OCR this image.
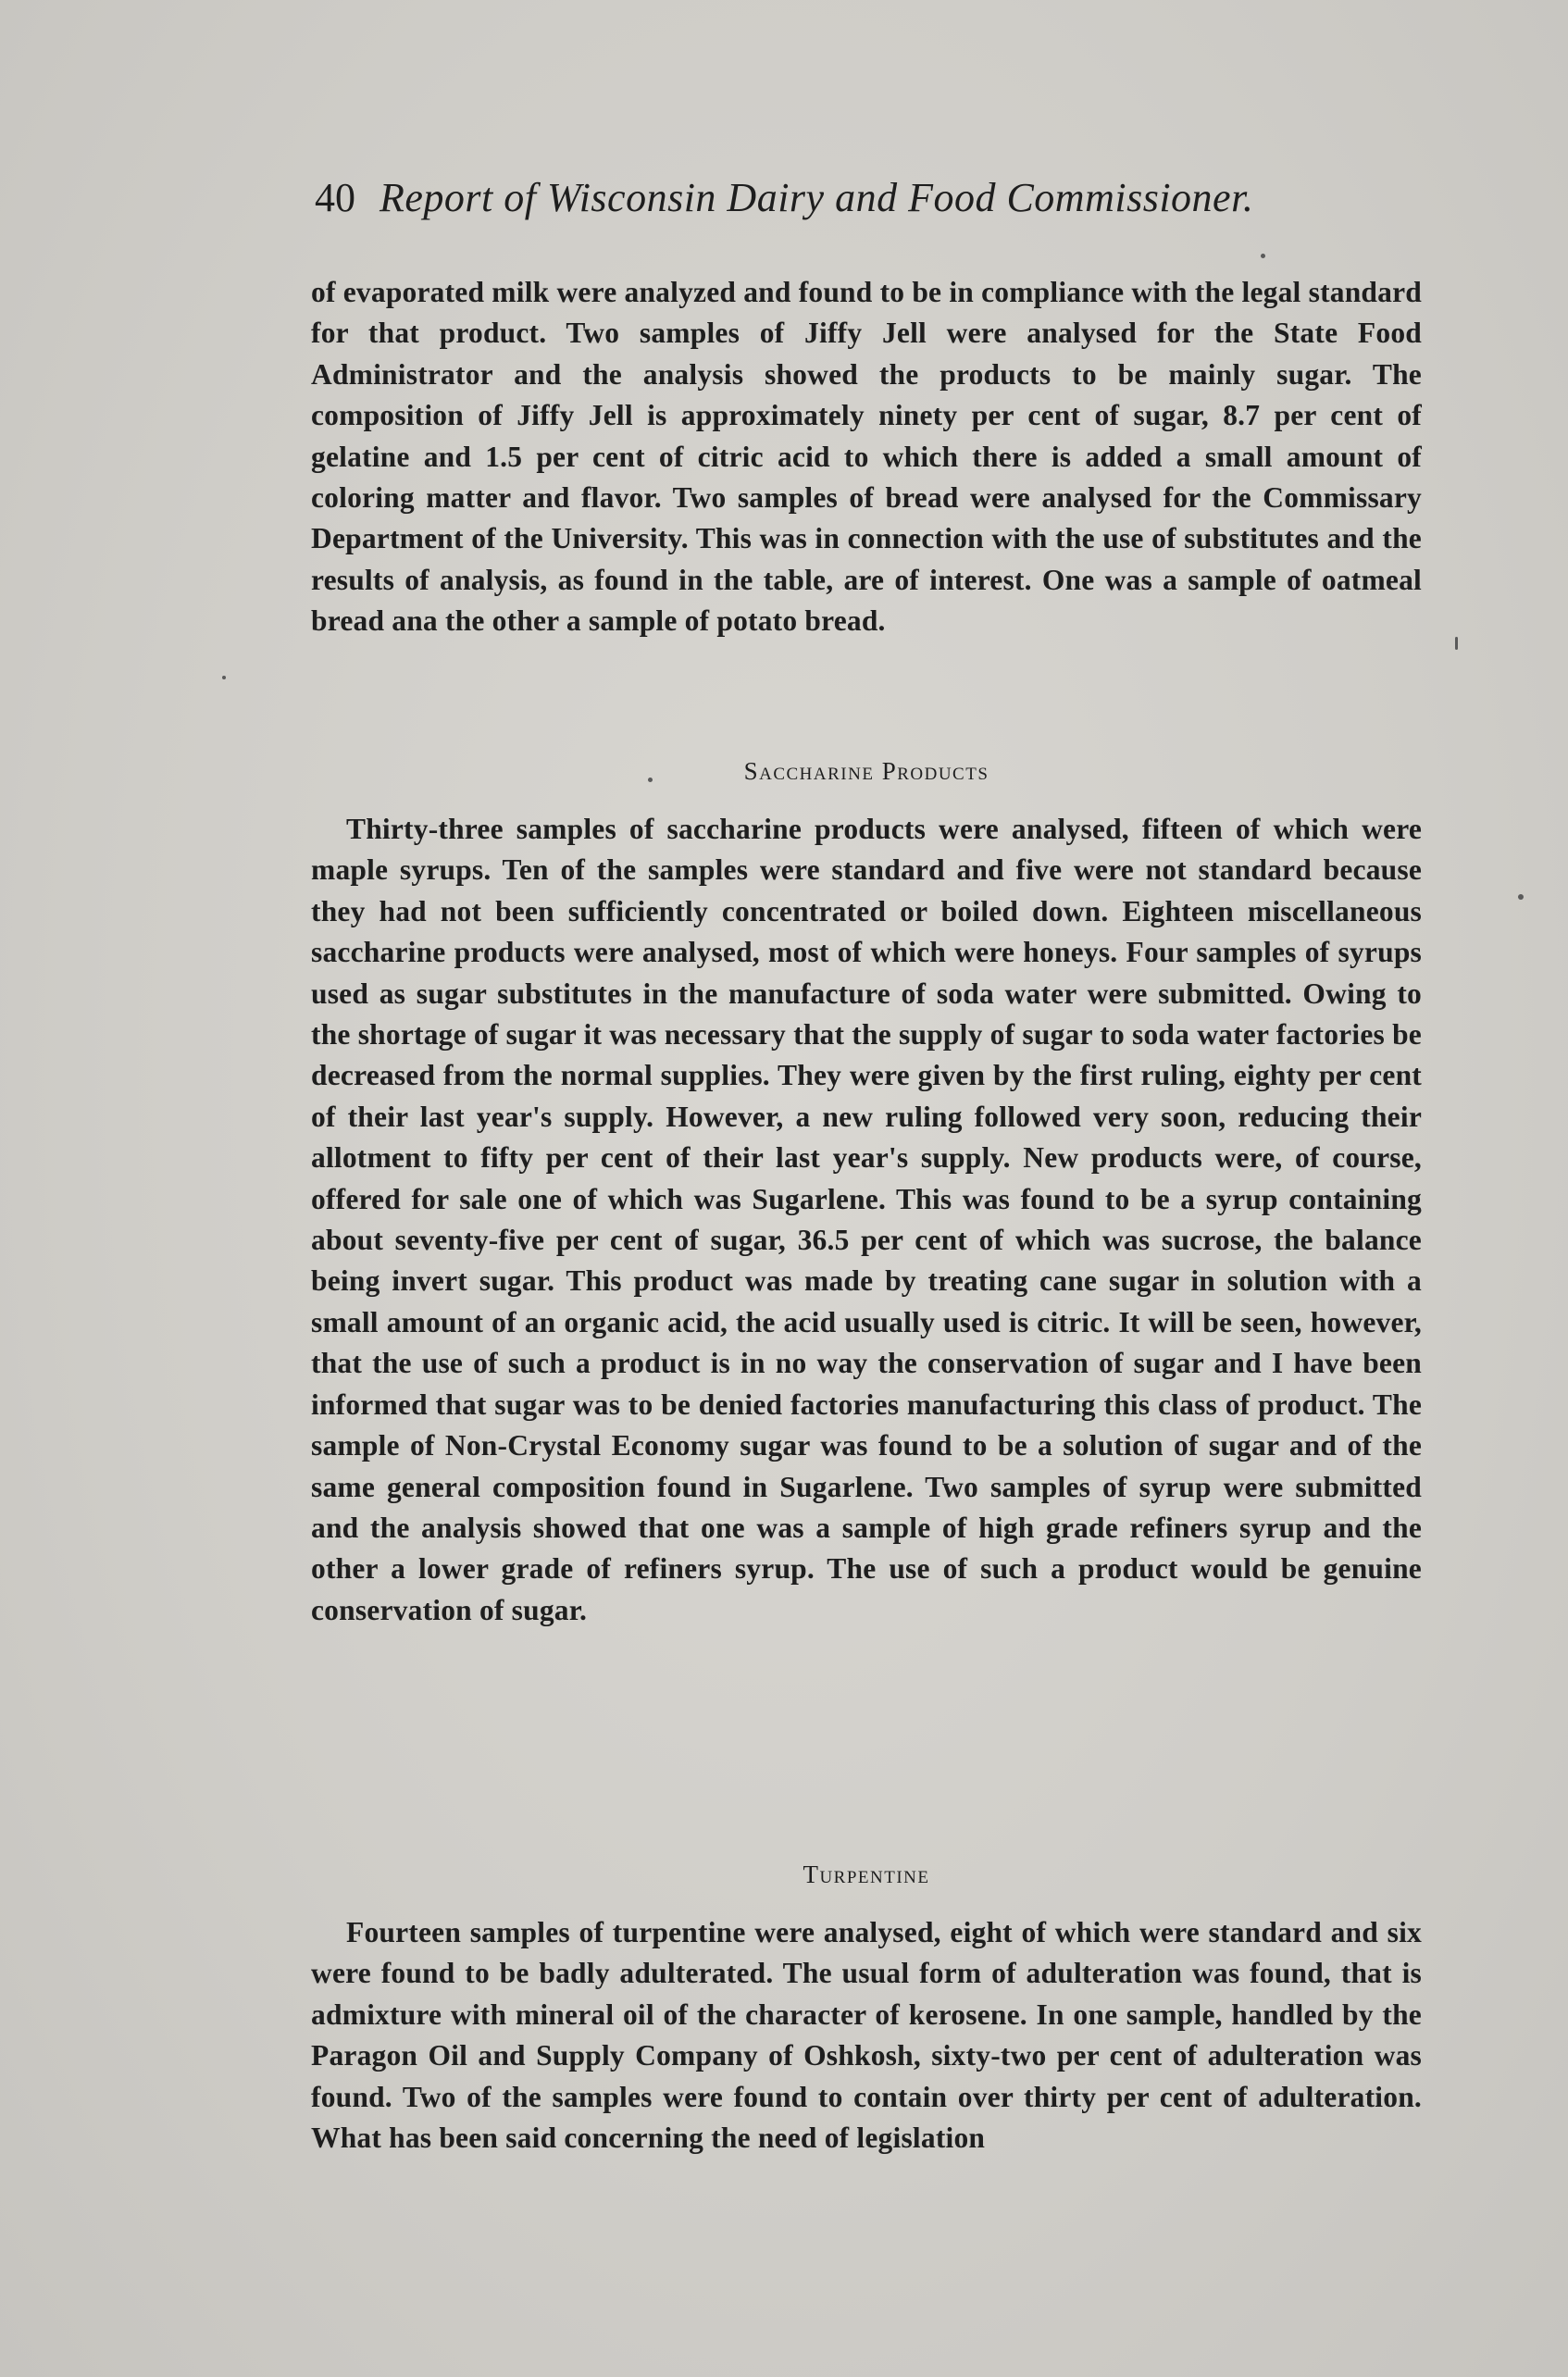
40 Report of Wisconsin Dairy and Food Commissioner.

of evaporated milk were analyzed and found to be in compliance with the legal standard for that product. Two samples of Jiffy Jell were analysed for the State Food Administrator and the analysis showed the products to be mainly sugar. The composition of Jiffy Jell is approximately ninety per cent of sugar, 8.7 per cent of gelatine and 1.5 per cent of citric acid to which there is added a small amount of coloring matter and flavor. Two samples of bread were analysed for the Commissary Department of the University. This was in connection with the use of substitutes and the results of analysis, as found in the table, are of interest. One was a sample of oatmeal bread ana the other a sample of potato bread.

Saccharine Products

Thirty-three samples of saccharine products were analysed, fifteen of which were maple syrups. Ten of the samples were standard and five were not standard because they had not been sufficiently concentrated or boiled down. Eighteen miscellaneous saccharine products were analysed, most of which were honeys. Four samples of syrups used as sugar substitutes in the manufacture of soda water were submitted. Owing to the shortage of sugar it was necessary that the supply of sugar to soda water factories be decreased from the normal supplies. They were given by the first ruling, eighty per cent of their last year's supply. However, a new ruling followed very soon, reducing their allotment to fifty per cent of their last year's supply. New products were, of course, offered for sale one of which was Sugarlene. This was found to be a syrup containing about seventy-five per cent of sugar, 36.5 per cent of which was sucrose, the balance being invert sugar. This product was made by treating cane sugar in solution with a small amount of an organic acid, the acid usually used is citric. It will be seen, however, that the use of such a product is in no way the conservation of sugar and I have been informed that sugar was to be denied factories manufacturing this class of product. The sample of Non-Crystal Economy sugar was found to be a solution of sugar and of the same general composition found in Sugarlene. Two samples of syrup were submitted and the analysis showed that one was a sample of high grade refiners syrup and the other a lower grade of refiners syrup. The use of such a product would be genuine conservation of sugar.

Turpentine

Fourteen samples of turpentine were analysed, eight of which were standard and six were found to be badly adulterated. The usual form of adulteration was found, that is admixture with mineral oil of the character of kerosene. In one sample, handled by the Paragon Oil and Supply Company of Oshkosh, sixty-two per cent of adulteration was found. Two of the samples were found to contain over thirty per cent of adulteration. What has been said concerning the need of legislation
